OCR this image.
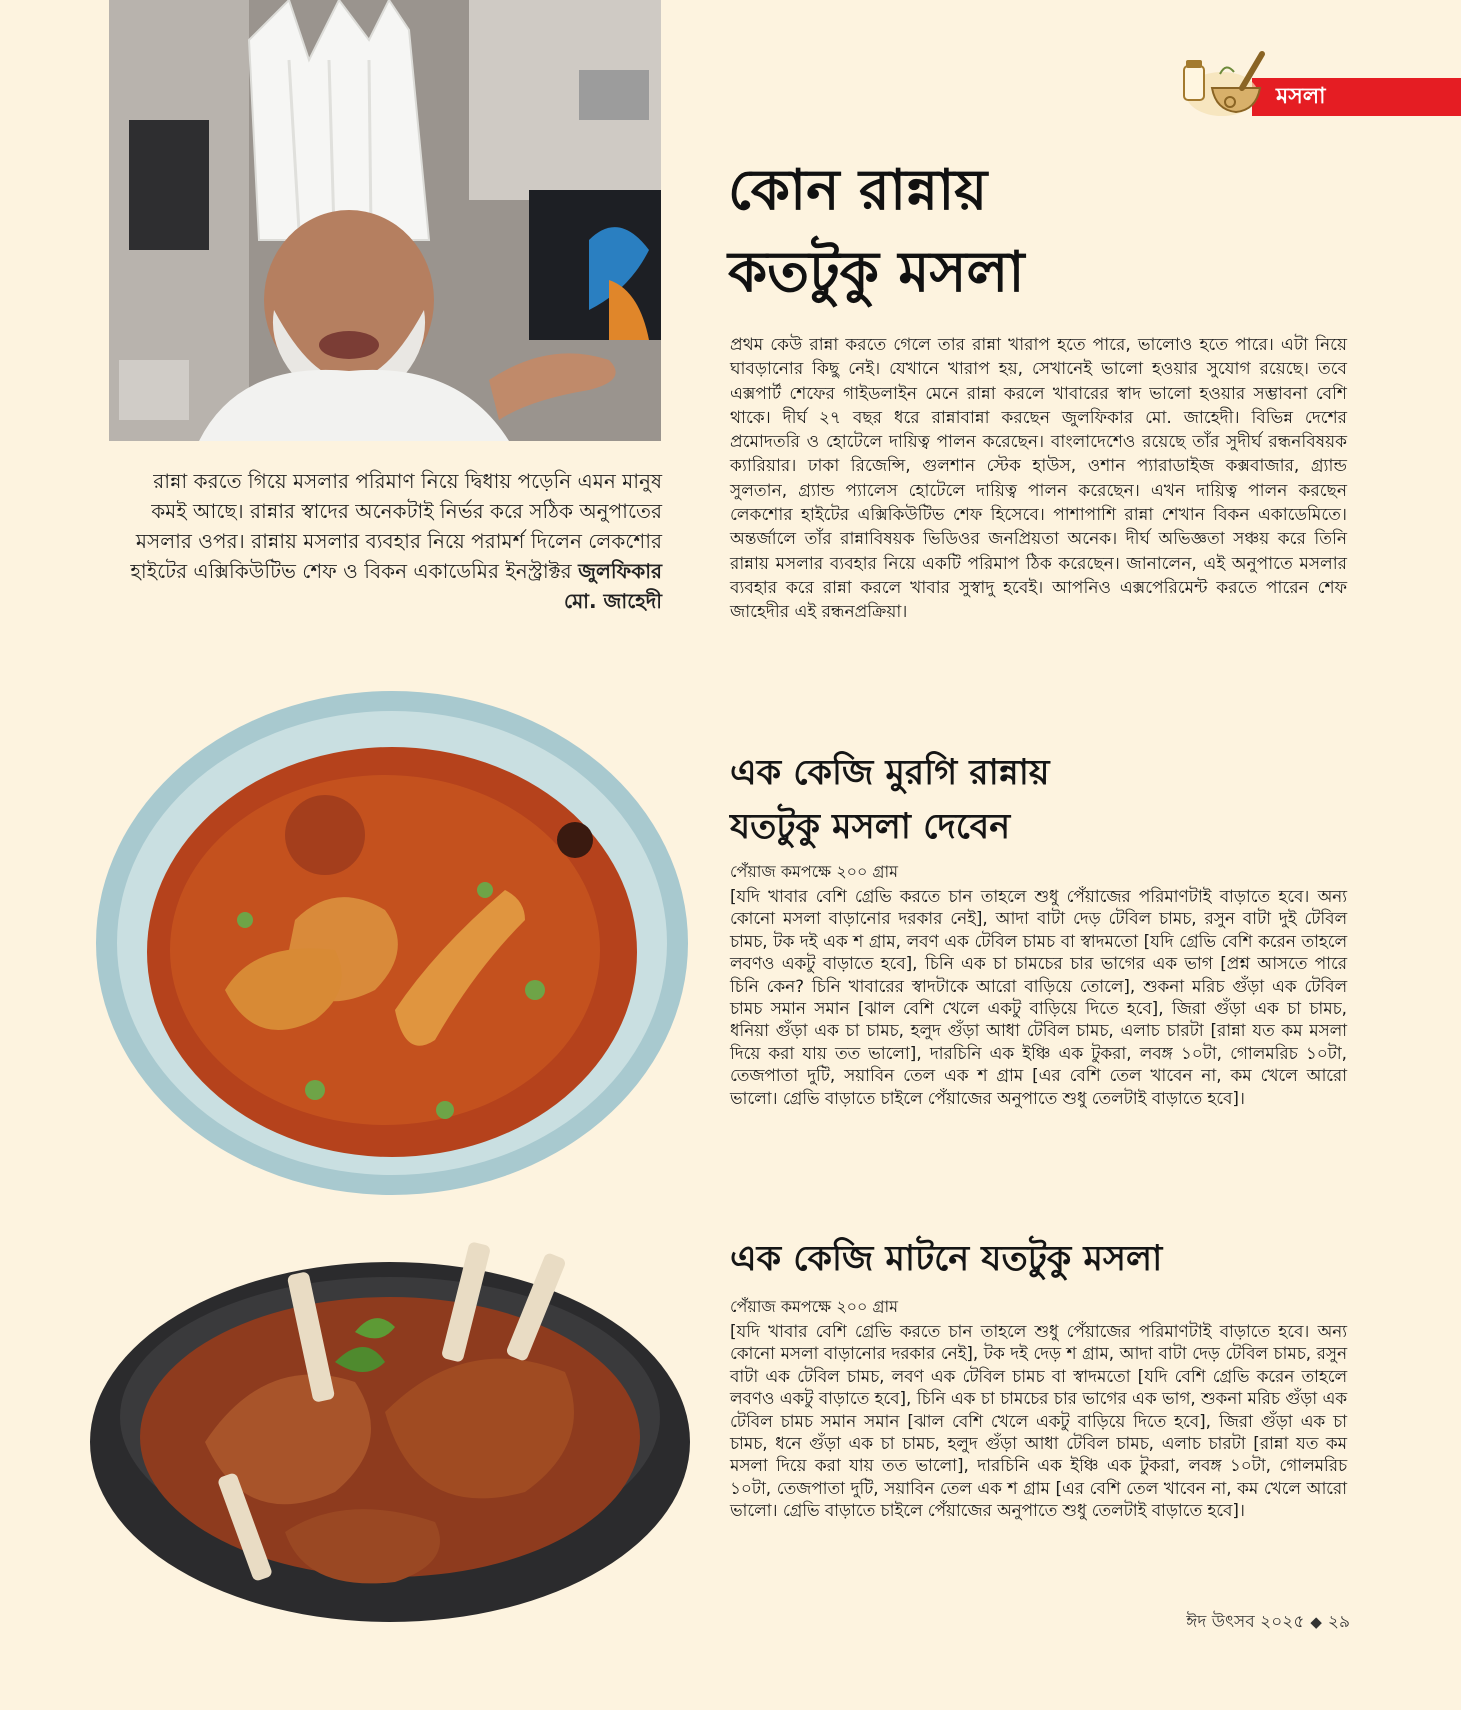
মসলা
কোন রান্নায়
কতটুকু মসলা
রান্না করতে গিয়ে মসলার পরিমাণ নিয়ে দ্বিধায় পড়েনি এমন মানুষ কমই আছে। রান্নার স্বাদের অনেকটাই নির্ভর করে সঠিক অনুপাতের মসলার ওপর। রান্নায় মসলার ব্যবহার নিয়ে পরামর্শ দিলেন লেকশোর হাইটের এক্সিকিউটিভ শেফ ও বিকন একাডেমির ইনস্ট্রাক্টর জুলফিকার মো. জাহেদী
প্রথম কেউ রান্না করতে গেলে তার রান্না খারাপ হতে পারে, ভালোও হতে পারে। এটা নিয়ে ঘাবড়ানোর কিছু নেই। যেখানে খারাপ হয়, সেখানেই ভালো হওয়ার সুযোগ রয়েছে। তবে এক্সপার্ট শেফের গাইডলাইন মেনে রান্না করলে খাবারের স্বাদ ভালো হওয়ার সম্ভাবনা বেশি থাকে। দীর্ঘ ২৭ বছর ধরে রান্নাবান্না করছেন জুলফিকার মো. জাহেদী। বিভিন্ন দেশের প্রমোদতরি ও হোটেলে দায়িত্ব পালন করেছেন। বাংলাদেশেও রয়েছে তাঁর সুদীর্ঘ রন্ধনবিষয়ক ক্যারিয়ার। ঢাকা রিজেন্সি, গুলশান স্টেক হাউস, ওশান প্যারাডাইজ কক্সবাজার, গ্র্যান্ড সুলতান, গ্র্যান্ড প্যালেস হোটেলে দায়িত্ব পালন করেছেন। এখন দায়িত্ব পালন করছেন লেকশোর হাইটের এক্সিকিউটিভ শেফ হিসেবে। পাশাপাশি রান্না শেখান বিকন একাডেমিতে। অন্তর্জালে তাঁর রান্নাবিষয়ক ভিডিওর জনপ্রিয়তা অনেক। দীর্ঘ অভিজ্ঞতা সঞ্চয় করে তিনি রান্নায় মসলার ব্যবহার নিয়ে একটি পরিমাপ ঠিক করেছেন। জানালেন, এই অনুপাতে মসলার ব্যবহার করে রান্না করলে খাবার সুস্বাদু হবেই। আপনিও এক্সপেরিমেন্ট করতে পারেন শেফ জাহেদীর এই রন্ধনপ্রক্রিয়া।
এক কেজি মুরগি রান্নায়
যতটুকু মসলা দেবেন
পেঁয়াজ কমপক্ষে ২০০ গ্রাম
[যদি খাবার বেশি গ্রেভি করতে চান তাহলে শুধু পেঁয়াজের পরিমাণটাই বাড়াতে হবে। অন্য কোনো মসলা বাড়ানোর দরকার নেই], আদা বাটা দেড় টেবিল চামচ, রসুন বাটা দুই টেবিল চামচ, টক দই এক শ গ্রাম, লবণ এক টেবিল চামচ বা স্বাদমতো [যদি গ্রেভি বেশি করেন তাহলে লবণও একটু বাড়াতে হবে], চিনি এক চা চামচের চার ভাগের এক ভাগ [প্রশ্ন আসতে পারে চিনি কেন? চিনি খাবারের স্বাদটাকে আরো বাড়িয়ে তোলে], শুকনা মরিচ গুঁড়া এক টেবিল চামচ সমান সমান [ঝাল বেশি খেলে একটু বাড়িয়ে দিতে হবে], জিরা গুঁড়া এক চা চামচ, ধনিয়া গুঁড়া এক চা চামচ, হলুদ গুঁড়া আধা টেবিল চামচ, এলাচ চারটা [রান্না যত কম মসলা দিয়ে করা যায় তত ভালো], দারচিনি এক ইঞ্চি এক টুকরা, লবঙ্গ ১০টা, গোলমরিচ ১০টা, তেজপাতা দুটি, সয়াবিন তেল এক শ গ্রাম [এর বেশি তেল খাবেন না, কম খেলে আরো ভালো। গ্রেভি বাড়াতে চাইলে পেঁয়াজের অনুপাতে শুধু তেলটাই বাড়াতে হবে]।
এক কেজি মাটনে যতটুকু মসলা
পেঁয়াজ কমপক্ষে ২০০ গ্রাম
[যদি খাবার বেশি গ্রেভি করতে চান তাহলে শুধু পেঁয়াজের পরিমাণটাই বাড়াতে হবে। অন্য কোনো মসলা বাড়ানোর দরকার নেই], টক দই দেড় শ গ্রাম, আদা বাটা দেড় টেবিল চামচ, রসুন বাটা এক টেবিল চামচ, লবণ এক টেবিল চামচ বা স্বাদমতো [যদি বেশি গ্রেভি করেন তাহলে লবণও একটু বাড়াতে হবে], চিনি এক চা চামচের চার ভাগের এক ভাগ, শুকনা মরিচ গুঁড়া এক টেবিল চামচ সমান সমান [ঝাল বেশি খেলে একটু বাড়িয়ে দিতে হবে], জিরা গুঁড়া এক চা চামচ, ধনে গুঁড়া এক চা চামচ, হলুদ গুঁড়া আধা টেবিল চামচ, এলাচ চারটা [রান্না যত কম মসলা দিয়ে করা যায় তত ভালো], দারচিনি এক ইঞ্চি এক টুকরা, লবঙ্গ ১০টা, গোলমরিচ ১০টা, তেজপাতা দুটি, সয়াবিন তেল এক শ গ্রাম [এর বেশি তেল খাবেন না, কম খেলে আরো ভালো। গ্রেভি বাড়াতে চাইলে পেঁয়াজের অনুপাতে শুধু তেলটাই বাড়াতে হবে]।
ঈদ উৎসব ২০২৫ ◆ ২৯
